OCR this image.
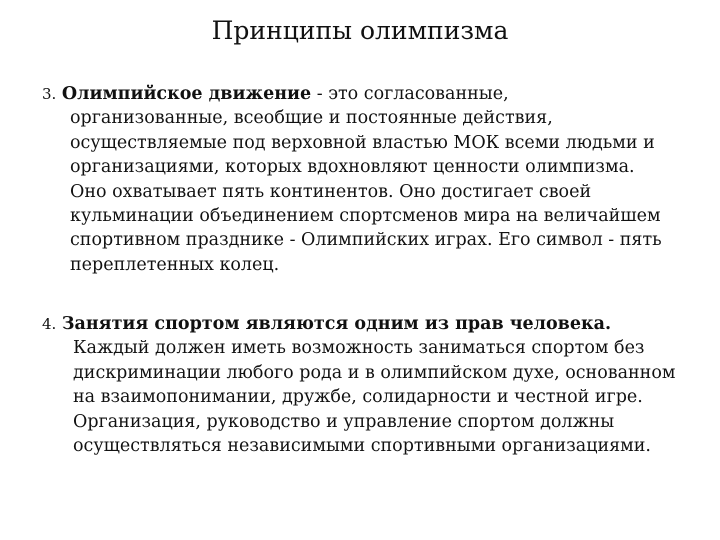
Принципы олимпизма
3. Олимпийское движение - это согласованные,
организованные, всеобщие и постоянные действия,
осуществляемые под верховной властью МОК всеми людьми и
организациями, которых вдохновляют ценности олимпизма.
Оно охватывает пять континентов. Оно достигает своей
кульминации объединением спортсменов мира на величайшем
спортивном празднике - Олимпийских играх. Его символ - пять
переплетенных колец.
4. Занятия спортом являются одним из прав человека.
Каждый должен иметь возможность заниматься спортом без
дискриминации любого рода и в олимпийском духе, основанном
на взаимопонимании, дружбе, солидарности и честной игре.
Организация, руководство и управление спортом должны
осуществляться независимыми спортивными организациями.
